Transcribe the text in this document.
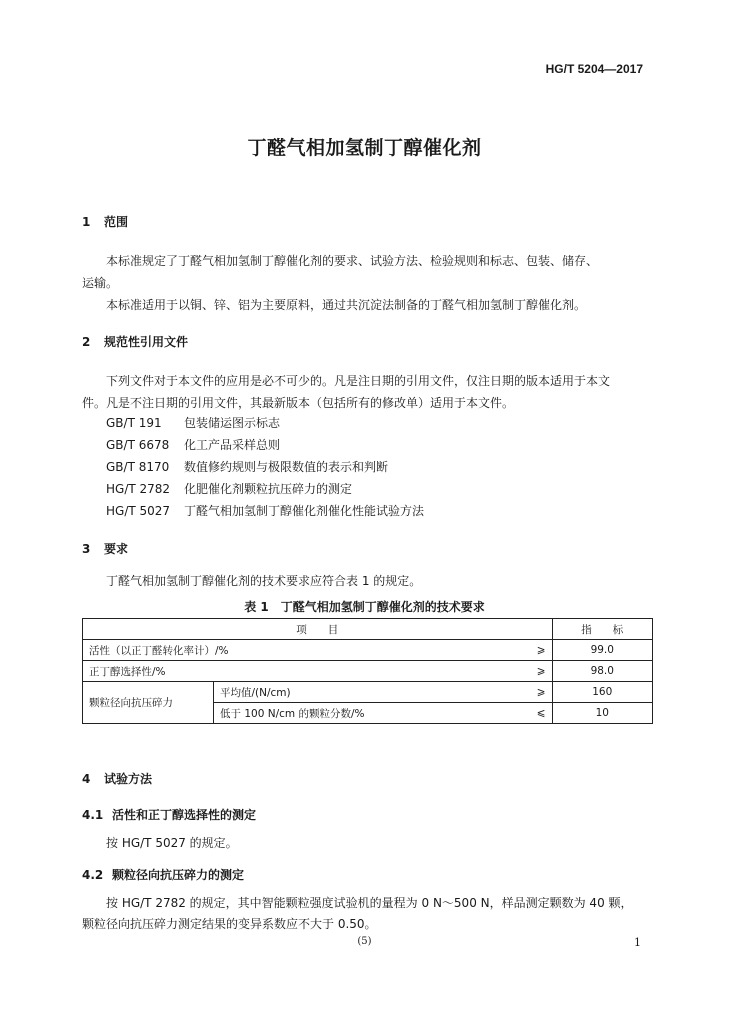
HG/T 5204—2017
丁醛气相加氢制丁醇催化剂
1 范围
本标准规定了丁醛气相加氢制丁醇催化剂的要求、试验方法、检验规则和标志、包装、储存、
运输。
本标准适用于以铜、锌、铝为主要原料，通过共沉淀法制备的丁醛气相加氢制丁醇催化剂。
2 规范性引用文件
下列文件对于本文件的应用是必不可少的。凡是注日期的引用文件，仅注日期的版本适用于本文
件。凡是不注日期的引用文件，其最新版本（包括所有的修改单）适用于本文件。
GB/T 191 包装储运图示标志
GB/T 6678 化工产品采样总则
GB/T 8170 数值修约规则与极限数值的表示和判断
HG/T 2782 化肥催化剂颗粒抗压碎力的测定
HG/T 5027 丁醛气相加氢制丁醇催化剂催化性能试验方法
3 要求
丁醛气相加氢制丁醇催化剂的技术要求应符合表 1 的规定。
表 1　丁醛气相加氢制丁醇催化剂的技术要求
项　　目			指　　标
活性（以正丁醛转化率计）/%		⩾	99.0
正丁醇选择性/%		⩾	98.0
颗粒径向抗压碎力	平均值/(N/cm)	⩾	160
	低于 100 N/cm 的颗粒分数/%	⩽	10
4 试验方法
4.1 活性和正丁醇选择性的测定
按 HG/T 5027 的规定。
4.2 颗粒径向抗压碎力的测定
按 HG/T 2782 的规定，其中智能颗粒强度试验机的量程为 0 N～500 N，样品测定颗数为 40 颗，
颗粒径向抗压碎力测定结果的变异系数应不大于 0.50。
(5)	1
